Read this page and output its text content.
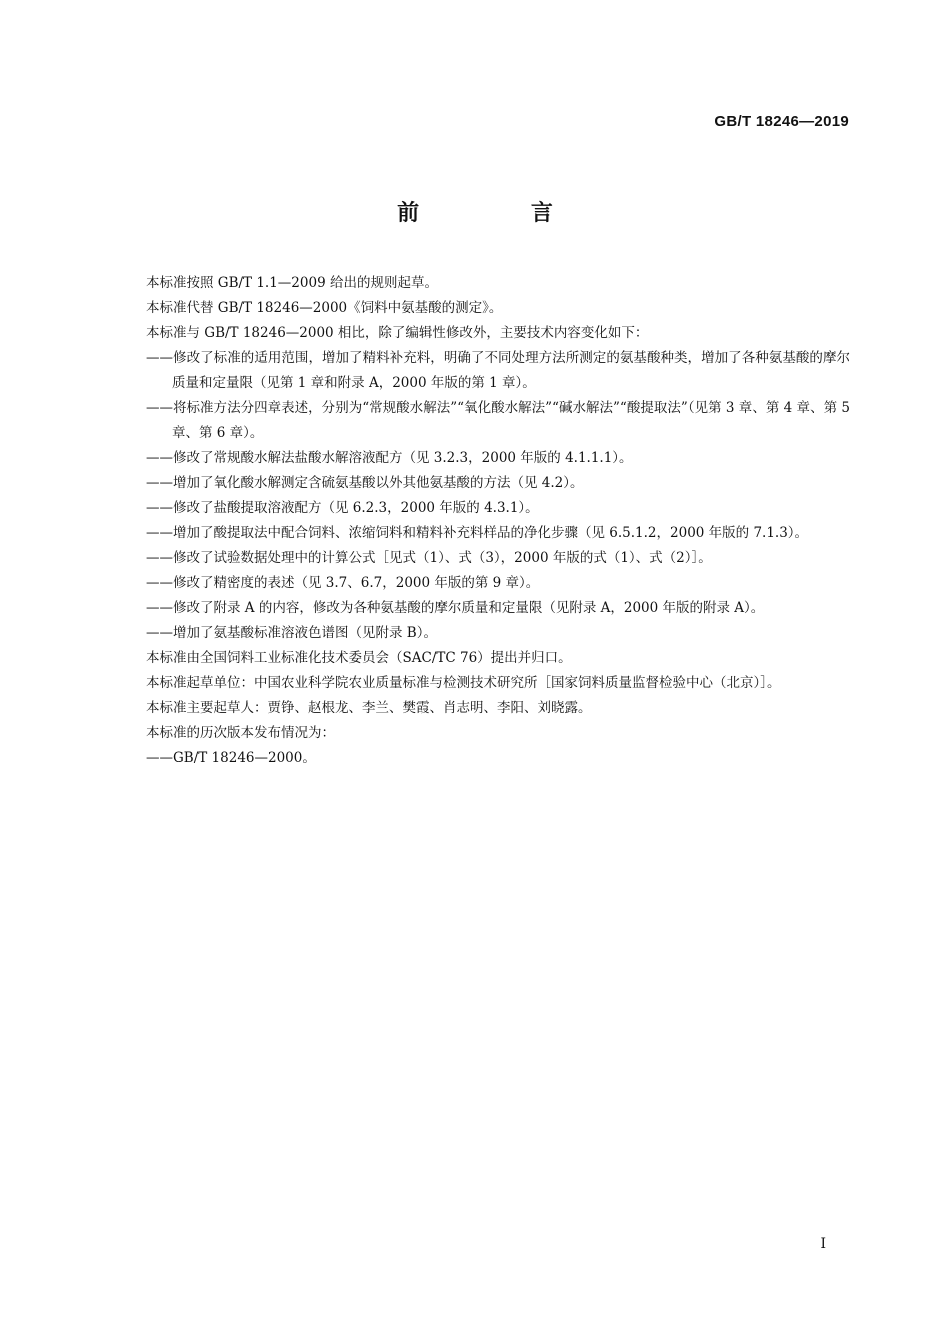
GB/T 18246—2019
前 言
本标准按照 GB/T 1.1—2009 给出的规则起草。
本标准代替 GB/T 18246—2000《饲料中氨基酸的测定》。
本标准与 GB/T 18246—2000 相比，除了编辑性修改外，主要技术内容变化如下：
——修改了标准的适用范围，增加了精料补充料，明确了不同处理方法所测定的氨基酸种类，增加了各种氨基酸的摩尔质量和定量限（见第 1 章和附录 A，2000 年版的第 1 章）。
——将标准方法分四章表述，分别为“常规酸水解法”“氧化酸水解法”“碱水解法”“酸提取法”（见第 3 章、第 4 章、第 5 章、第 6 章）。
——修改了常规酸水解法盐酸水解溶液配方（见 3.2.3，2000 年版的 4.1.1.1）。
——增加了氧化酸水解测定含硫氨基酸以外其他氨基酸的方法（见 4.2）。
——修改了盐酸提取溶液配方（见 6.2.3，2000 年版的 4.3.1）。
——增加了酸提取法中配合饲料、浓缩饲料和精料补充料样品的净化步骤（见 6.5.1.2，2000 年版的 7.1.3）。
——修改了试验数据处理中的计算公式［见式（1）、式（3），2000 年版的式（1）、式（2）］。
——修改了精密度的表述（见 3.7、6.7，2000 年版的第 9 章）。
——修改了附录 A 的内容，修改为各种氨基酸的摩尔质量和定量限（见附录 A，2000 年版的附录 A）。
——增加了氨基酸标准溶液色谱图（见附录 B）。
本标准由全国饲料工业标准化技术委员会（SAC/TC 76）提出并归口。
本标准起草单位：中国农业科学院农业质量标准与检测技术研究所［国家饲料质量监督检验中心（北京）］。
本标准主要起草人：贾铮、赵根龙、李兰、樊霞、肖志明、李阳、刘晓露。
本标准的历次版本发布情况为：
——GB/T 18246—2000。
I
